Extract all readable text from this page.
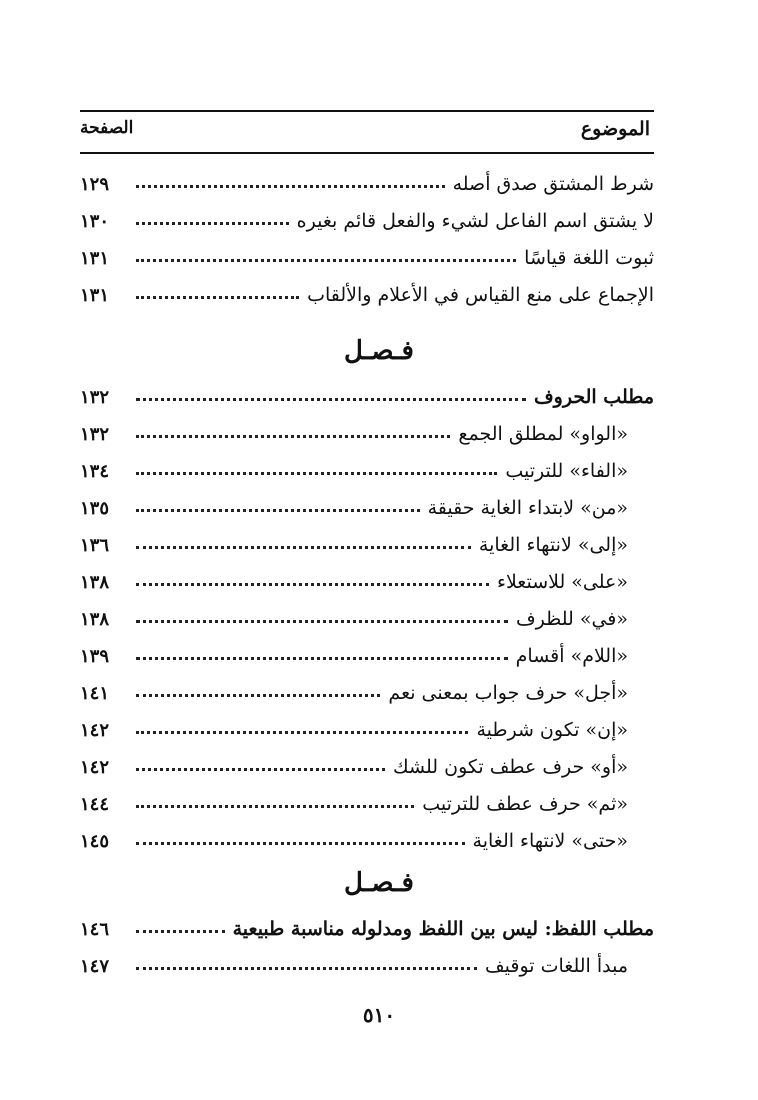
الموضوع
الصفحة
شرط المشتق صدق أصله
١٢٩
لا يشتق اسم الفاعل لشيء والفعل قائم بغيره
١٣٠
ثبوت اللغة قياسًا
١٣١
الإجماع على منع القياس في الأعلام والألقاب
١٣١
فـصـل
مطلب الحروف
١٣٢
«الواو» لمطلق الجمع
١٣٢
«الفاء» للترتيب
١٣٤
«من» لابتداء الغاية حقيقة
١٣٥
«إلى» لانتهاء الغاية
١٣٦
«على» للاستعلاء
١٣٨
«في» للظرف
١٣٨
«اللام» أقسام
١٣٩
«أجل» حرف جواب بمعنى نعم
١٤١
«إن» تكون شرطية
١٤٢
«أو» حرف عطف تكون للشك
١٤٢
«ثم» حرف عطف للترتيب
١٤٤
«حتى» لانتهاء الغاية
١٤٥
فـصـل
مطلب اللفظ: ليس بين اللفظ ومدلوله مناسبة طبيعية
١٤٦
مبدأ اللغات توقيف
١٤٧
٥١٠
